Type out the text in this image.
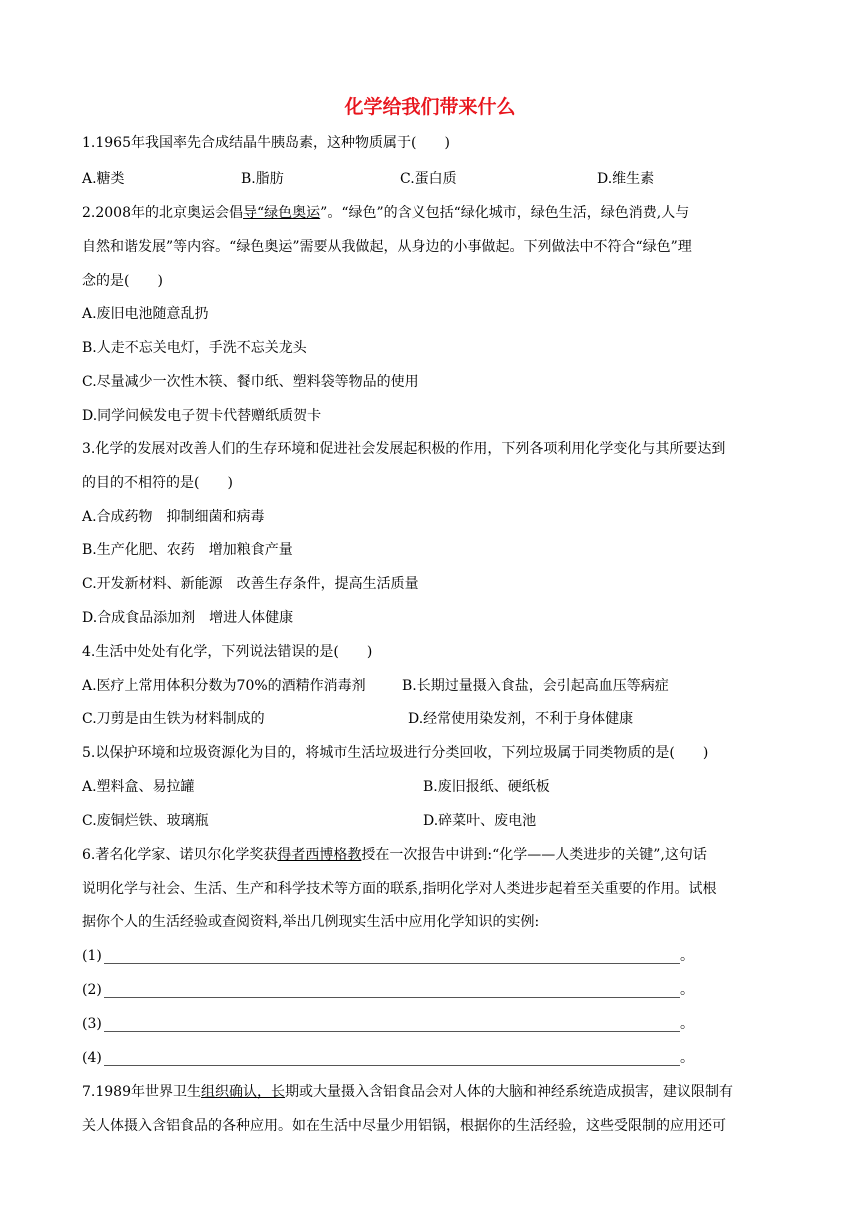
化学给我们带来什么
1.1965年我国率先合成结晶牛胰岛素，这种物质属于(　　)
A.糖类	B.脂肪	C.蛋白质	D.维生素
2.2008年的北京奥运会倡导“绿色奥运”。“绿色”的含义包括“绿化城市，绿色生活，绿色消费,人与
自然和谐发展”等内容。“绿色奥运”需要从我做起，从身边的小事做起。下列做法中不符合“绿色”理
念的是(　　)
A.废旧电池随意乱扔
B.人走不忘关电灯，手洗不忘关龙头
C.尽量减少一次性木筷、餐巾纸、塑料袋等物品的使用
D.同学问候发电子贺卡代替赠纸质贺卡
3.化学的发展对改善人们的生存环境和促进社会发展起积极的作用，下列各项利用化学变化与其所要达到
的目的不相符的是(　　)
A.合成药物　抑制细菌和病毒
B.生产化肥、农药　增加粮食产量
C.开发新材料、新能源　改善生存条件，提高生活质量
D.合成食品添加剂　增进人体健康
4.生活中处处有化学，下列说法错误的是(　　)
A.医疗上常用体积分数为70%的酒精作消毒剂	B.长期过量摄入食盐，会引起高血压等病症
C.刀剪是由生铁为材料制成的	D.经常使用染发剂，不利于身体健康
5.以保护环境和垃圾资源化为目的，将城市生活垃圾进行分类回收，下列垃圾属于同类物质的是(　　)
A.塑料盒、易拉罐	B.废旧报纸、硬纸板
C.废铜烂铁、玻璃瓶	D.碎菜叶、废电池
6.著名化学家、诺贝尔化学奖获得者西博格教授在一次报告中讲到:“化学——人类进步的关键”,这句话
说明化学与社会、生活、生产和科学技术等方面的联系,指明化学对人类进步起着至关重要的作用。试根
据你个人的生活经验或查阅资料,举出几例现实生活中应用化学知识的实例:
(1)	。
(2)	。
(3)	。
(4)	。
7.1989年世界卫生组织确认，长期或大量摄入含铝食品会对人体的大脑和神经系统造成损害，建议限制有
关人体摄入含铝食品的各种应用。如在生活中尽量少用铝锅，根据你的生活经验，这些受限制的应用还可
